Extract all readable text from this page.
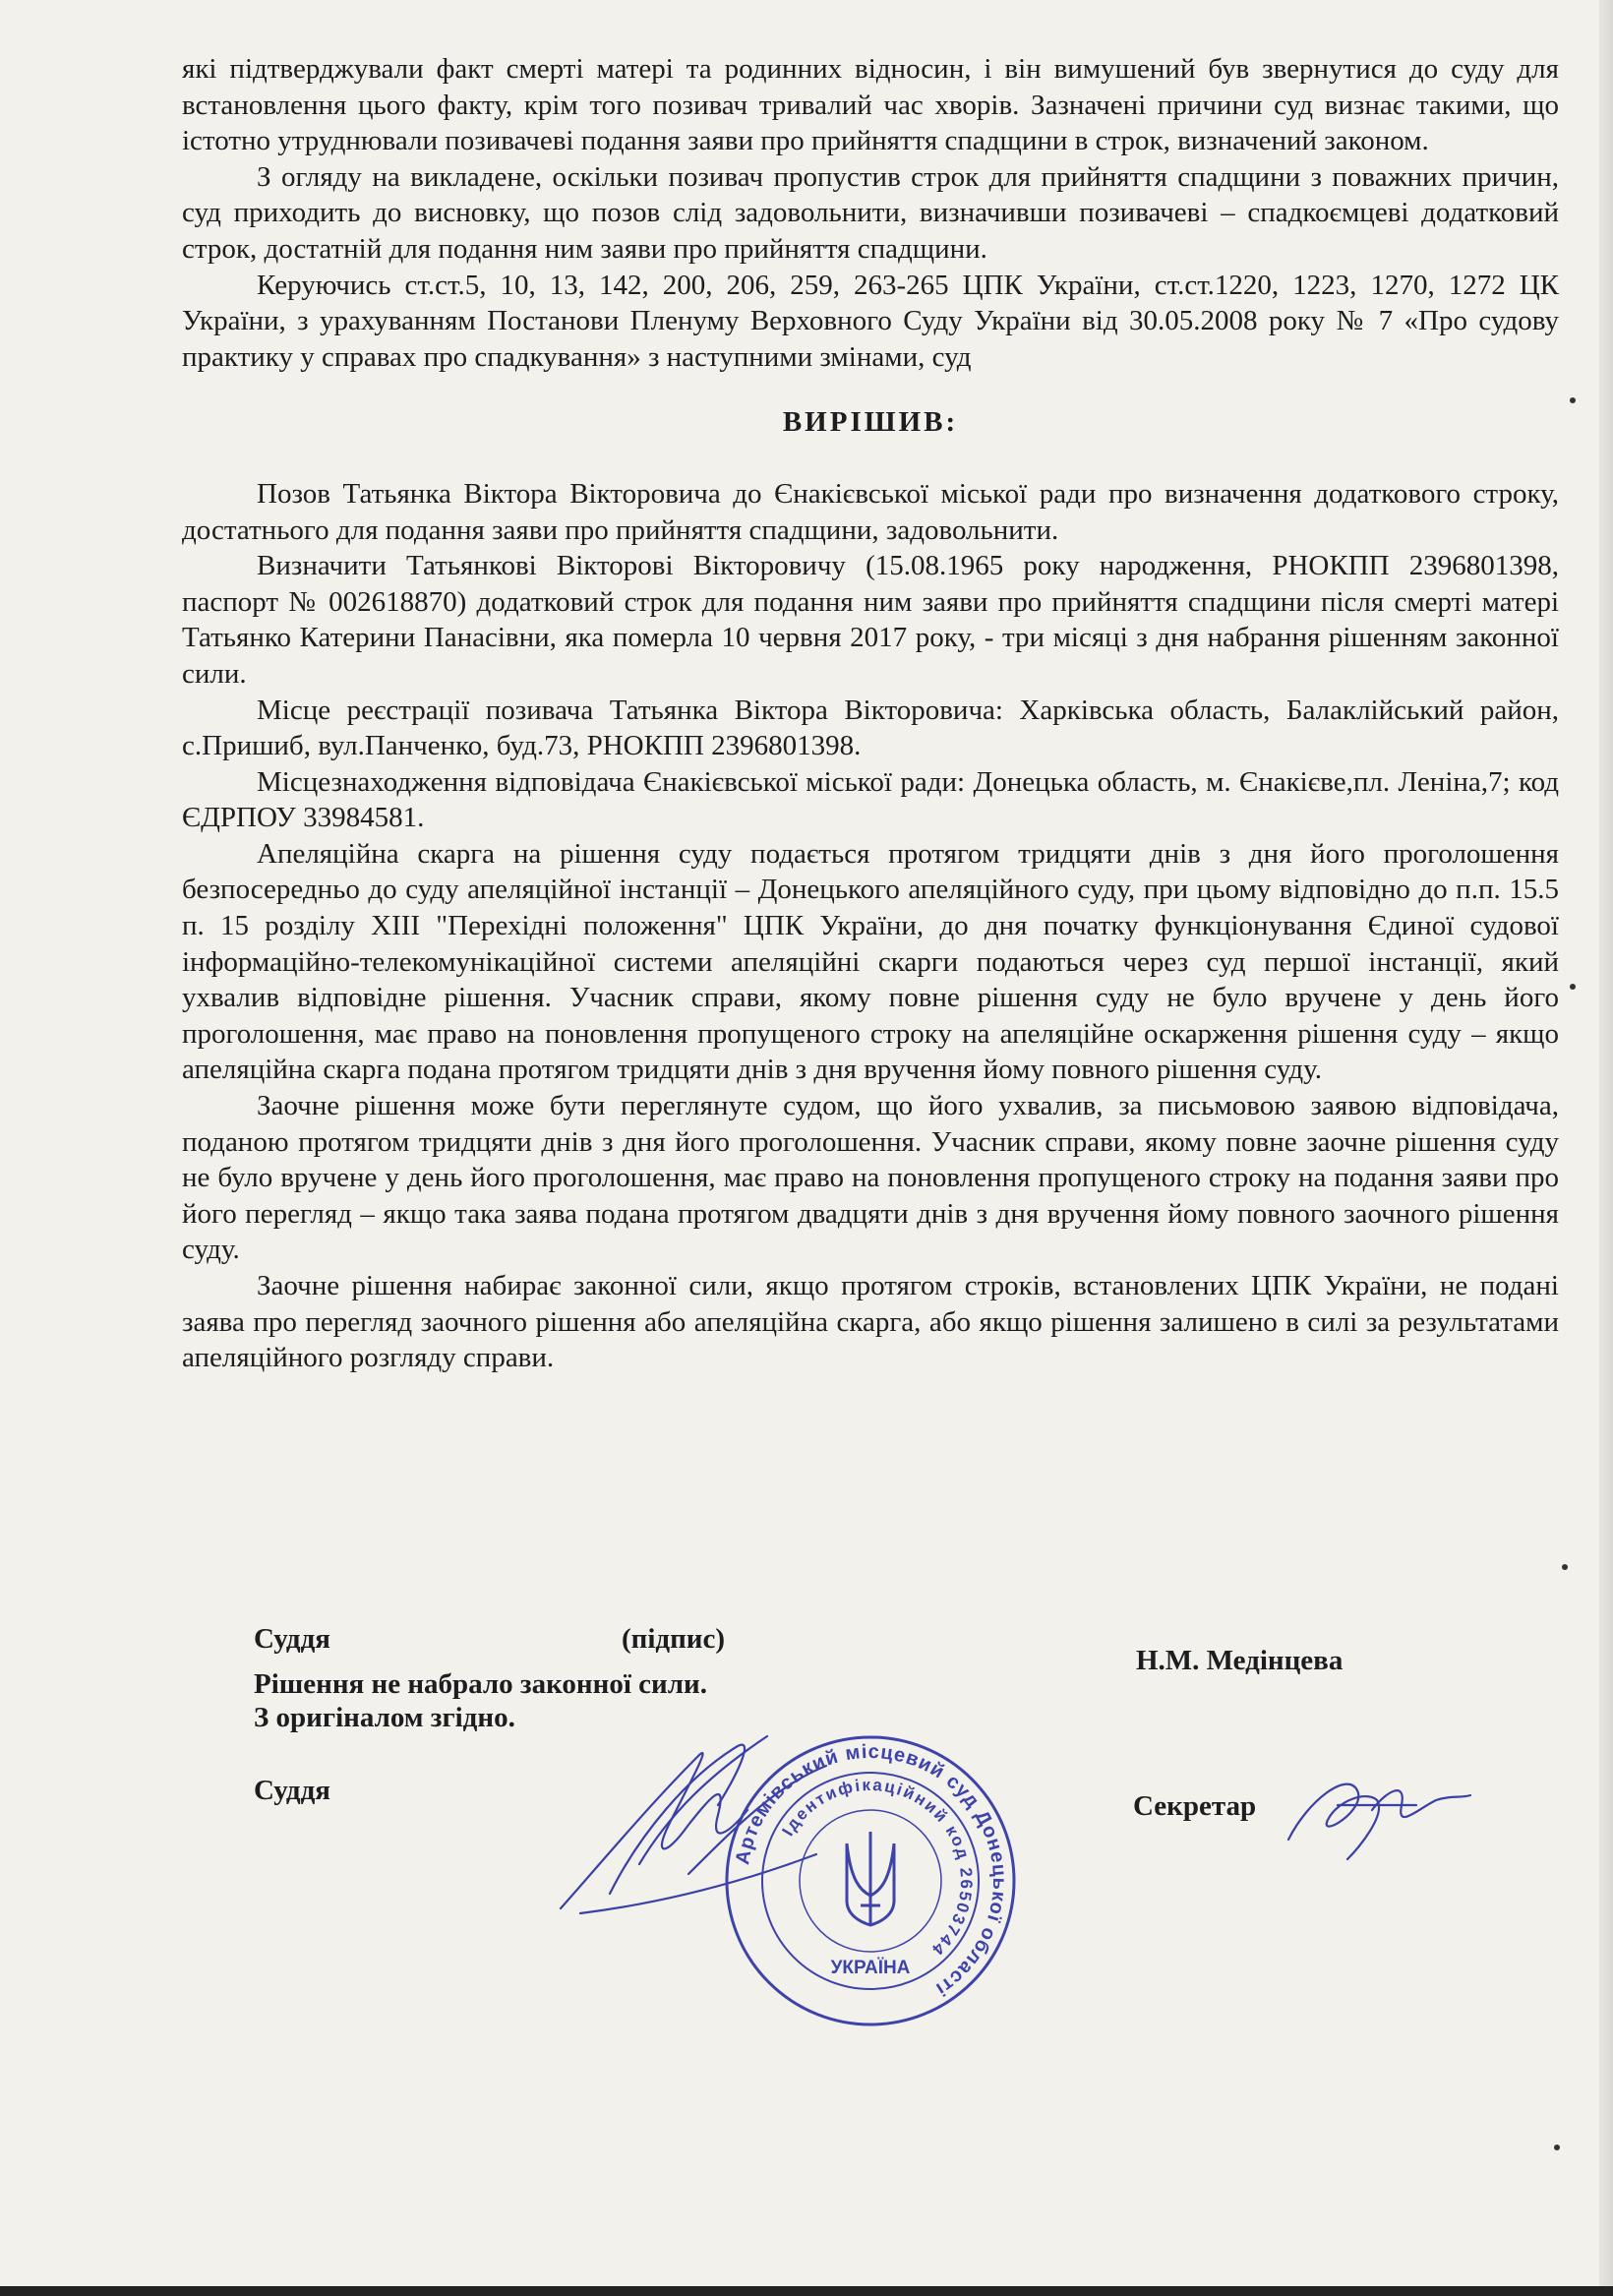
які підтверджували факт смерті матері та родинних відносин, і він вимушений був звернутися до суду для встановлення цього факту, крім того позивач тривалий час хворів. Зазначені причини суд визнає такими, що істотно утруднювали позивачеві подання заяви про прийняття спадщини в строк, визначений законом.

З огляду на викладене, оскільки позивач пропустив строк для прийняття спадщини з поважних причин, суд приходить до висновку, що позов слід задовольнити, визначивши позивачеві – спадкоємцеві додатковий строк, достатній для подання ним заяви про прийняття спадщини.

Керуючись ст.ст.5, 10, 13, 142, 200, 206, 259, 263-265 ЦПК України, ст.ст.1220, 1223, 1270, 1272 ЦК України, з урахуванням Постанови Пленуму Верховного Суду України від 30.05.2008 року № 7 «Про судову практику у справах про спадкування» з наступними змінами, суд

ВИРІШИВ:

Позов Татьянка Віктора Вікторовича до Єнакієвської міської ради про визначення додаткового строку, достатнього для подання заяви про прийняття спадщини, задовольнити.

Визначити Татьянкові Вікторові Вікторовичу (15.08.1965 року народження, РНОКПП 2396801398, паспорт № 002618870) додатковий строк для подання ним заяви про прийняття спадщини після смерті матері Татьянко Катерини Панасівни, яка померла 10 червня 2017 року, - три місяці з дня набрання рішенням законної сили.

Місце реєстрації позивача Татьянка Віктора Вікторовича: Харківська область, Балаклійський район, с.Пришиб, вул.Панченко, буд.73, РНОКПП 2396801398.

Місцезнаходження відповідача Єнакієвської міської ради: Донецька область, м. Єнакієве,пл. Леніна,7; код ЄДРПОУ 33984581.

Апеляційна скарга на рішення суду подається протягом тридцяти днів з дня його проголошення безпосередньо до суду апеляційної інстанції – Донецького апеляційного суду, при цьому відповідно до п.п. 15.5 п. 15 розділу XIII "Перехідні положення" ЦПК України, до дня початку функціонування Єдиної судової інформаційно-телекомунікаційної системи апеляційні скарги подаються через суд першої інстанції, який ухвалив відповідне рішення. Учасник справи, якому повне рішення суду не було вручене у день його проголошення, має право на поновлення пропущеного строку на апеляційне оскарження рішення суду – якщо апеляційна скарга подана протягом тридцяти днів з дня вручення йому повного рішення суду.

Заочне рішення може бути переглянуте судом, що його ухвалив, за письмовою заявою відповідача, поданою протягом тридцяти днів з дня його проголошення. Учасник справи, якому повне заочне рішення суду не було вручене у день його проголошення, має право на поновлення пропущеного строку на подання заяви про його перегляд – якщо така заява подана протягом двадцяти днів з дня вручення йому повного заочного рішення суду.

Заочне рішення набирає законної сили, якщо протягом строків, встановлених ЦПК України, не подані заява про перегляд заочного рішення або апеляційна скарга, або якщо рішення залишено в силі за результатами апеляційного розгляду справи.

Суддя	(підпис)
Н.М. Медінцева
Рішення не набрало законної сили.
З оригіналом згідно.
Суддя	Секретар
Артемівський місцевий суд Донецької області
Ідентифікаційний код 26503744
УКРАЇНА
